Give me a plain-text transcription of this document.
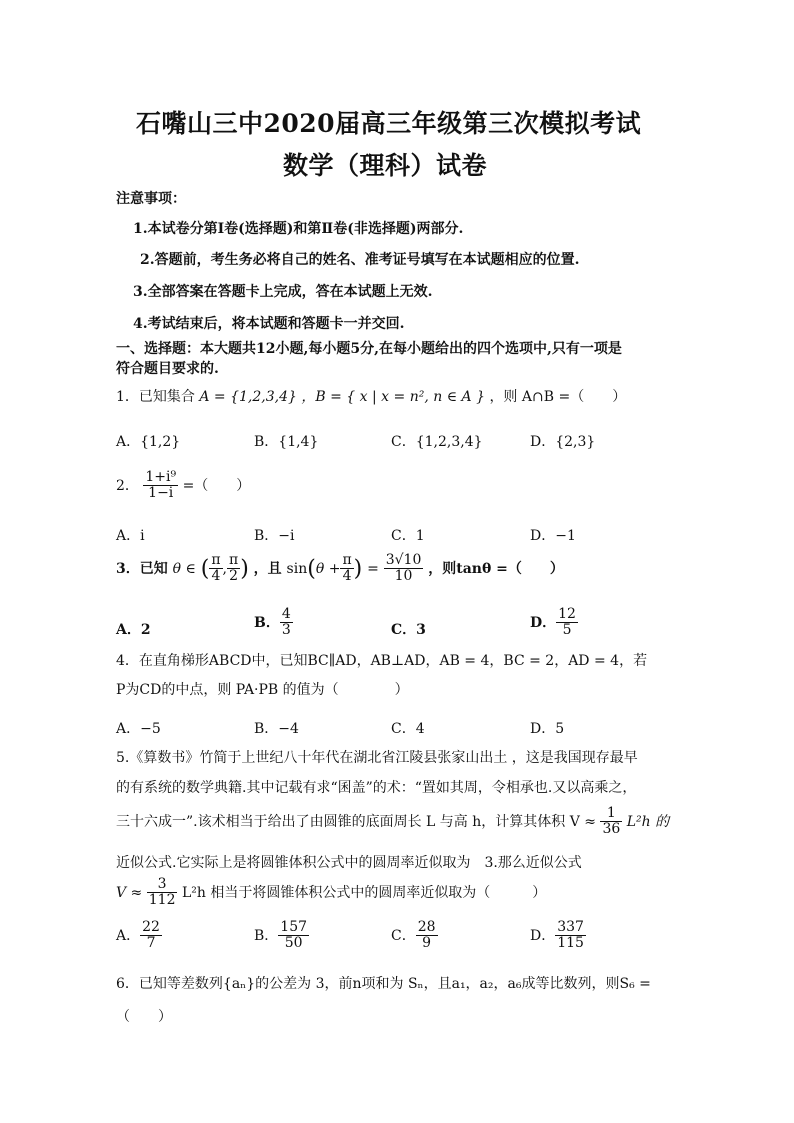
石嘴山三中2020届高三年级第三次模拟考试
数学（理科）试卷
注意事项：
1.本试卷分第Ⅰ卷(选择题)和第Ⅱ卷(非选择题)两部分.
2.答题前，考生务必将自己的姓名、准考证号填写在本试题相应的位置.
3.全部答案在答题卡上完成，答在本试题上无效.
4.考试结束后，将本试题和答题卡一并交回.
一、选择题：本大题共12小题,每小题5分,在每小题给出的四个选项中,只有一项是
符合题目要求的.
1．已知集合 A = {1,2,3,4} ，B = { x | x = n², n ∈ A } ，则 A∩B =（　　）
A．{1,2}	B．{1,4}	C．{1,2,3,4}	D．{2,3}
2． $\frac{\text{1+i⁹}}{1-i}$ =（　　）
A．i	B．−i	C．1	D．−1
3．已知 θ ∈ ( $\frac{\pi}{4}$ , $\frac{\pi}{2}$ ) ，且 $\sin(\theta + \frac{\pi}{4}$ ) = $\frac{3√10}{10}$ ，则tanθ =（　　）
A．2	B． $\frac{4}{3}$	C．3	D． $\frac{12}{5}$
4．在直角梯形ABCD中，已知BC∥AD，AB⊥AD，AB = 4，BC = 2，AD = 4，若
P为CD的中点，则 PA·PB 的值为（　　　　）
A．−5	B．−4	C．4	D．5
5.《算数书》竹简于上世纪八十年代在湖北省江陵县张家山出土 ，这是我国现存最早
的有系统的数学典籍.其中记载有求“囷盖”的术：“置如其周，令相承也.又以高乘之，
三十六成一”.该术相当于给出了由圆锥的底面周长 L 与高 h，计算其体积 $V \approx \frac{1}{36} L^2h$ 的
近似公式.它实际上是将圆锥体积公式中的圆周率近似取为　3.那么近似公式
$V \approx \frac{3}{112} L^2h$ 相当于将圆锥体积公式中的圆周率近似取为（　　　）
A． $\frac{22}{7}$	B． $\frac{157}{50}$	C． $\frac{28}{9}$	D． $\frac{337}{115}$
6．已知等差数列{aₙ}的公差为 3，前n项和为 Sₙ，且a₁，a₂，a₆成等比数列，则S₆ =
（　　）
